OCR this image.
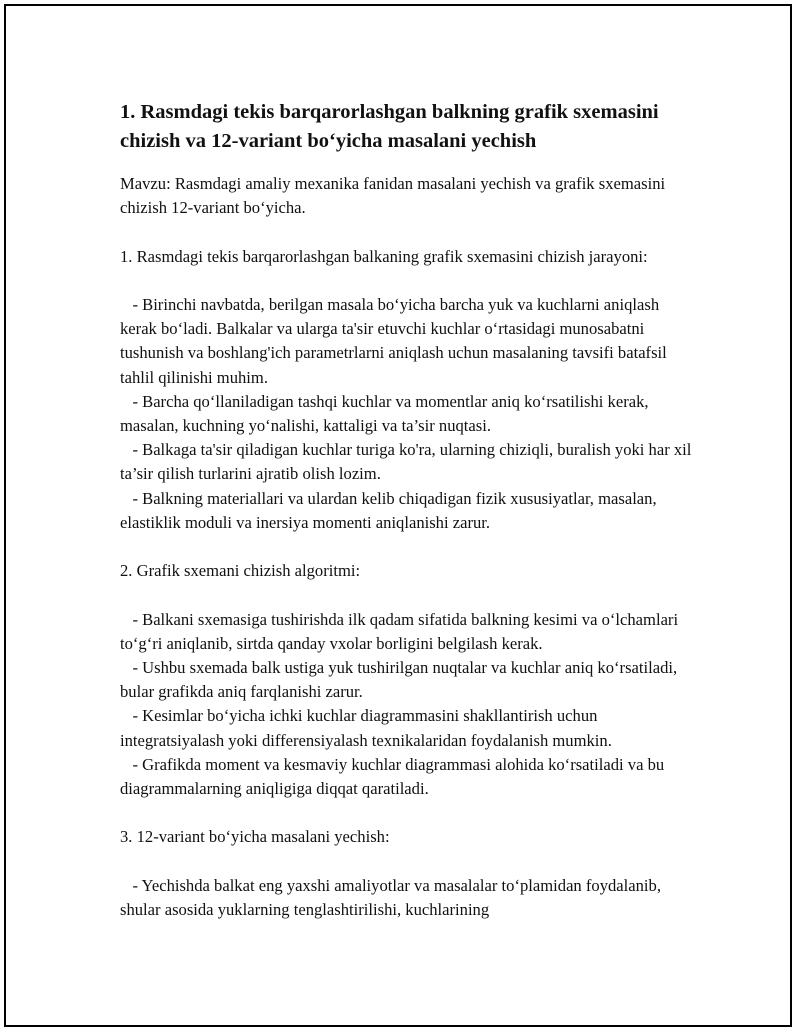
1. Rasmdagi tekis barqarorlashgan balkning grafik sxemasini chizish va 12-variant bo‘yicha masalani yechish

Mavzu: Rasmdagi amaliy mexanika fanidan masalani yechish va grafik sxemasini chizish 12-variant bo‘yicha.

1. Rasmdagi tekis barqarorlashgan balkaning grafik sxemasini chizish jarayoni:

- Birinchi navbatda, berilgan masala bo‘yicha barcha yuk va kuchlarni aniqlash kerak bo‘ladi. Balkalar va ularga ta'sir etuvchi kuchlar o‘rtasidagi munosabatni tushunish va boshlang'ich parametrlarni aniqlash uchun masalaning tavsifi batafsil tahlil qilinishi muhim.

- Barcha qo‘llaniladigan tashqi kuchlar va momentlar aniq ko‘rsatilishi kerak, masalan, kuchning yo‘nalishi, kattaligi va ta’sir nuqtasi.

- Balkaga ta'sir qiladigan kuchlar turiga ko'ra, ularning chiziqli, buralish yoki har xil ta’sir qilish turlarini ajratib olish lozim.

- Balkning materiallari va ulardan kelib chiqadigan fizik xususiyatlar, masalan, elastiklik moduli va inersiya momenti aniqlanishi zarur.

2. Grafik sxemani chizish algoritmi:

- Balkani sxemasiga tushirishda ilk qadam sifatida balkning kesimi va o‘lchamlari to‘g‘ri aniqlanib, sirtda qanday vxolar borligini belgilash kerak.

- Ushbu sxemada balk ustiga yuk tushirilgan nuqtalar va kuchlar aniq ko‘rsatiladi, bular grafikda aniq farqlanishi zarur.

- Kesimlar bo‘yicha ichki kuchlar diagrammasini shakllantirish uchun integratsiyalash yoki differensiyalash texnikalaridan foydalanish mumkin.

- Grafikda moment va kesmaviy kuchlar diagrammasi alohida ko‘rsatiladi va bu diagrammalarning aniqligiga diqqat qaratiladi.

3. 12-variant bo‘yicha masalani yechish:

- Yechishda balkat eng yaxshi amaliyotlar va masalalar to‘plamidan foydalanib, shular asosida yuklarning tenglashtirilishi, kuchlarining
